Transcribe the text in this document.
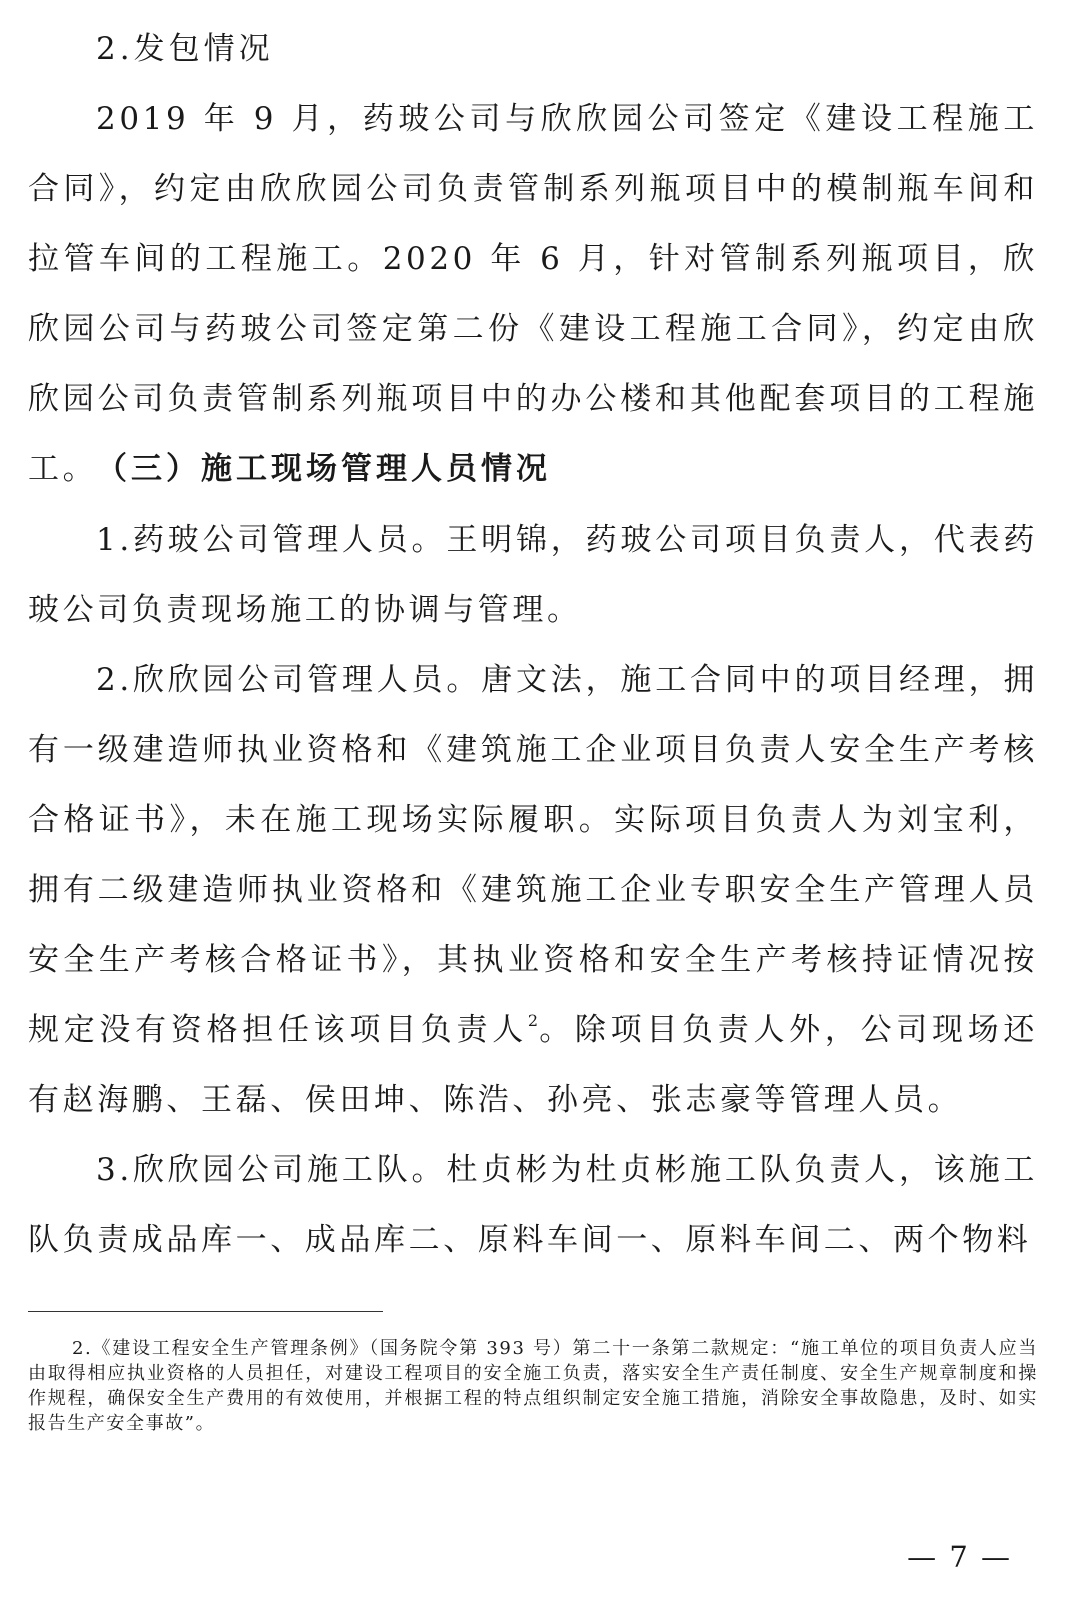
2.发包情况

2019 年 9 月，药玻公司与欣欣园公司签定《建设工程施工合同》，约定由欣欣园公司负责管制系列瓶项目中的模制瓶车间和拉管车间的工程施工。2020 年 6 月，针对管制系列瓶项目，欣欣园公司与药玻公司签定第二份《建设工程施工合同》，约定由欣欣园公司负责管制系列瓶项目中的办公楼和其他配套项目的工程施工。

（三）施工现场管理人员情况

1.药玻公司管理人员。王明锦，药玻公司项目负责人，代表药玻公司负责现场施工的协调与管理。

2.欣欣园公司管理人员。唐文法，施工合同中的项目经理，拥有一级建造师执业资格和《建筑施工企业项目负责人安全生产考核合格证书》，未在施工现场实际履职。实际项目负责人为刘宝利，拥有二级建造师执业资格和《建筑施工企业专职安全生产管理人员安全生产考核合格证书》，其执业资格和安全生产考核持证情况按规定没有资格担任该项目负责人$^2$。除项目负责人外，公司现场还有赵海鹏、王磊、侯田坤、陈浩、孙亮、张志豪等管理人员。

3.欣欣园公司施工队。杜贞彬为杜贞彬施工队负责人，该施工队负责成品库一、成品库二、原料车间一、原料车间二、两个物料

2.《建设工程安全生产管理条例》（国务院令第 393 号）第二十一条第二款规定：“施工单位的项目负责人应当由取得相应执业资格的人员担任，对建设工程项目的安全施工负责，落实安全生产责任制度、安全生产规章制度和操作规程，确保安全生产费用的有效使用，并根据工程的特点组织制定安全施工措施，消除安全事故隐患，及时、如实报告生产安全事故”。

— 7 —
